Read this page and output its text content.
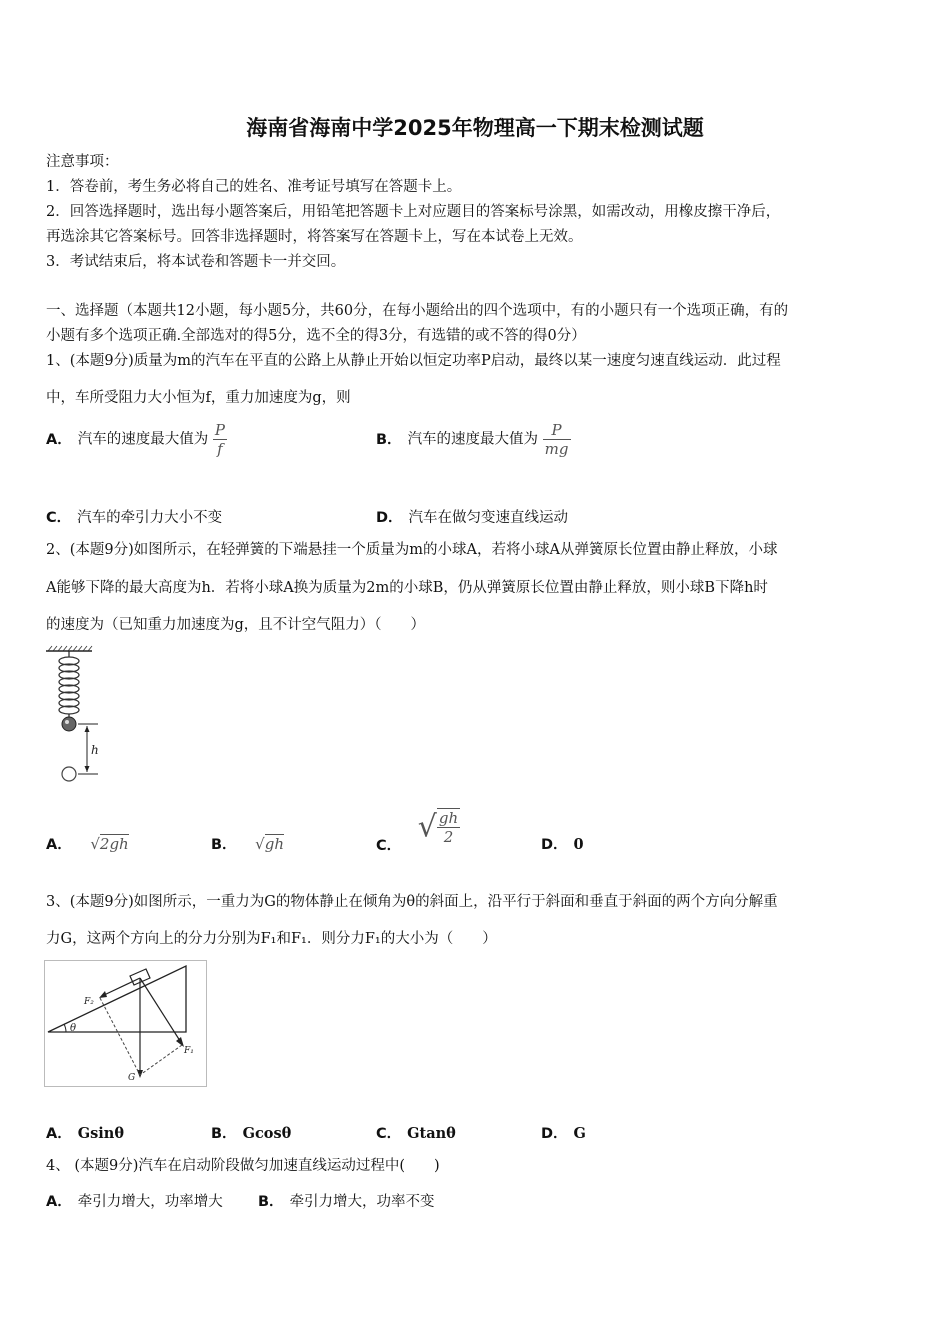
海南省海南中学2025年物理高一下期末检测试题
注意事项：
1．答卷前，考生务必将自己的姓名、准考证号填写在答题卡上。
2．回答选择题时，选出每小题答案后，用铅笔把答题卡上对应题目的答案标号涂黑，如需改动，用橡皮擦干净后，
再选涂其它答案标号。回答非选择题时，将答案写在答题卡上，写在本试卷上无效。
3．考试结束后，将本试卷和答题卡一并交回。
一、选择题（本题共12小题，每小题5分，共60分，在每小题给出的四个选项中，有的小题只有一个选项正确，有的
小题有多个选项正确.全部选对的得5分，选不全的得3分，有选错的或不答的得0分）
1、(本题9分)质量为m的汽车在平直的公路上从静止开始以恒定功率P启动，最终以某一速度匀速直线运动．此过程
中，车所受阻力大小恒为f，重力加速度为g，则
A． 汽车的速度最大值为 $\frac{P}{f}$	B． 汽车的速度最大值为 $\frac{P}{mg}$
C． 汽车的牵引力大小不变	D． 汽车在做匀变速直线运动
2、(本题9分)如图所示，在轻弹簧的下端悬挂一个质量为m的小球A，若将小球A从弹簧原长位置由静止释放，小球
A能够下降的最大高度为h．若将小球A换为质量为2m的小球B，仍从弹簧原长位置由静止释放，则小球B下降h时
的速度为（已知重力加速度为g，且不计空气阻力）（　　）
h
A． √2gh	B． √gh	C． √ $\frac{gh}{2}$	D． 0
3、(本题9分)如图所示，一重力为G的物体静止在倾角为θ的斜面上，沿平行于斜面和垂直于斜面的两个方向分解重
力G，这两个方向上的分力分别为F₁和F₁．则分力F₁的大小为（　　）
θ
F₂
F₁
G
A． Gsinθ	B． Gcosθ	C． Gtanθ	D． G
4、 (本题9分)汽车在启动阶段做匀加速直线运动过程中(　　)
A． 牵引力增大，功率增大 B． 牵引力增大，功率不变
